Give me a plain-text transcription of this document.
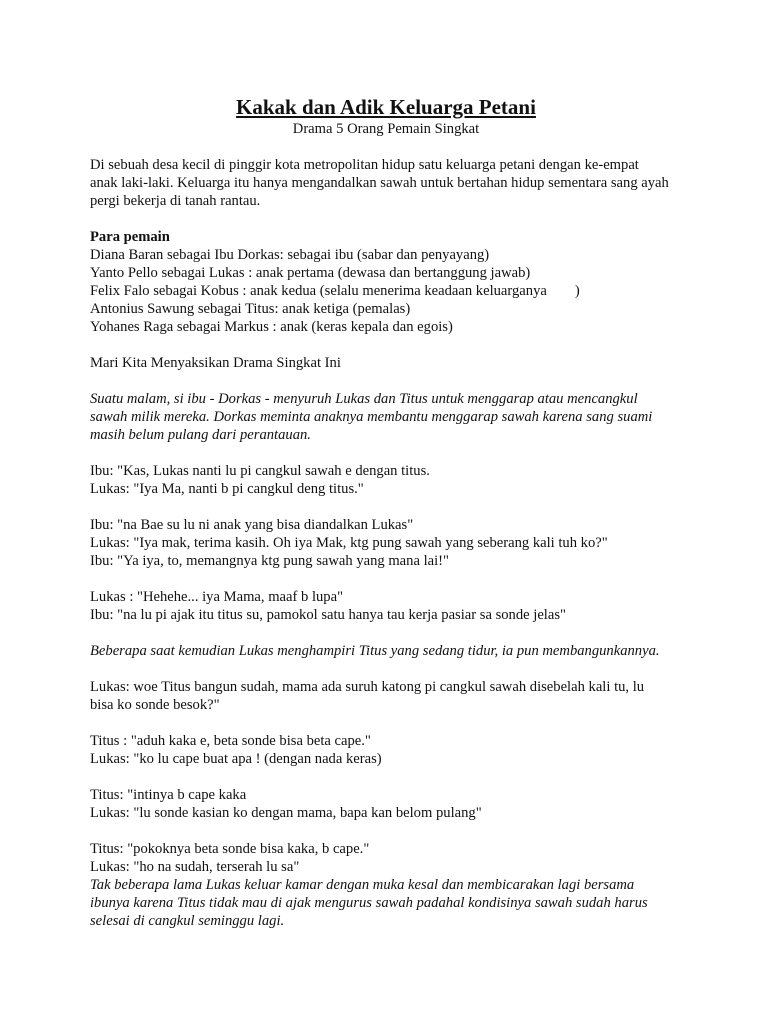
Kakak dan Adik Keluarga Petani

Drama 5 Orang Pemain Singkat

Di sebuah desa kecil di pinggir kota metropolitan hidup satu keluarga petani dengan ke-empat
anak laki-laki. Keluarga itu hanya mengandalkan sawah untuk bertahan hidup sementara sang ayah
pergi bekerja di tanah rantau.

Para pemain
Diana Baran sebagai Ibu Dorkas: sebagai ibu (sabar dan penyayang)
Yanto Pello sebagai Lukas : anak pertama (dewasa dan bertanggung jawab)
Felix Falo sebagai Kobus : anak kedua (selalu menerima keadaan keluarganya )
Antonius Sawung sebagai Titus: anak ketiga (pemalas)
Yohanes Raga sebagai Markus : anak (keras kepala dan egois)

Mari Kita Menyaksikan Drama Singkat Ini

Suatu malam, si ibu - Dorkas - menyuruh Lukas dan Titus untuk menggarap atau mencangkul
sawah milik mereka. Dorkas meminta anaknya membantu menggarap sawah karena sang suami
masih belum pulang dari perantauan.

Ibu: "Kas, Lukas nanti lu pi cangkul sawah e dengan titus.
Lukas: "Iya Ma, nanti b pi cangkul deng titus."

Ibu: "na Bae su lu ni anak yang bisa diandalkan Lukas"
Lukas: "Iya mak, terima kasih. Oh iya Mak, ktg pung sawah yang seberang kali tuh ko?"
Ibu: "Ya iya, to, memangnya ktg pung sawah yang mana lai!"

Lukas : "Hehehe... iya Mama, maaf b lupa"
Ibu: "na lu pi ajak itu titus su, pamokol satu hanya tau kerja pasiar sa sonde jelas"

Beberapa saat kemudian Lukas menghampiri Titus yang sedang tidur, ia pun membangunkannya.

Lukas: woe Titus bangun sudah, mama ada suruh katong pi cangkul sawah disebelah kali tu, lu
bisa ko sonde besok?"

Titus : "aduh kaka e, beta sonde bisa beta cape."
Lukas: "ko lu cape buat apa ! (dengan nada keras)

Titus: "intinya b cape kaka
Lukas: "lu sonde kasian ko dengan mama, bapa kan belom pulang"

Titus: "pokoknya beta sonde bisa kaka, b cape."
Lukas: "ho na sudah, terserah lu sa"

Tak beberapa lama Lukas keluar kamar dengan muka kesal dan membicarakan lagi bersama
ibunya karena Titus tidak mau di ajak mengurus sawah padahal kondisinya sawah sudah harus
selesai di cangkul seminggu lagi.
